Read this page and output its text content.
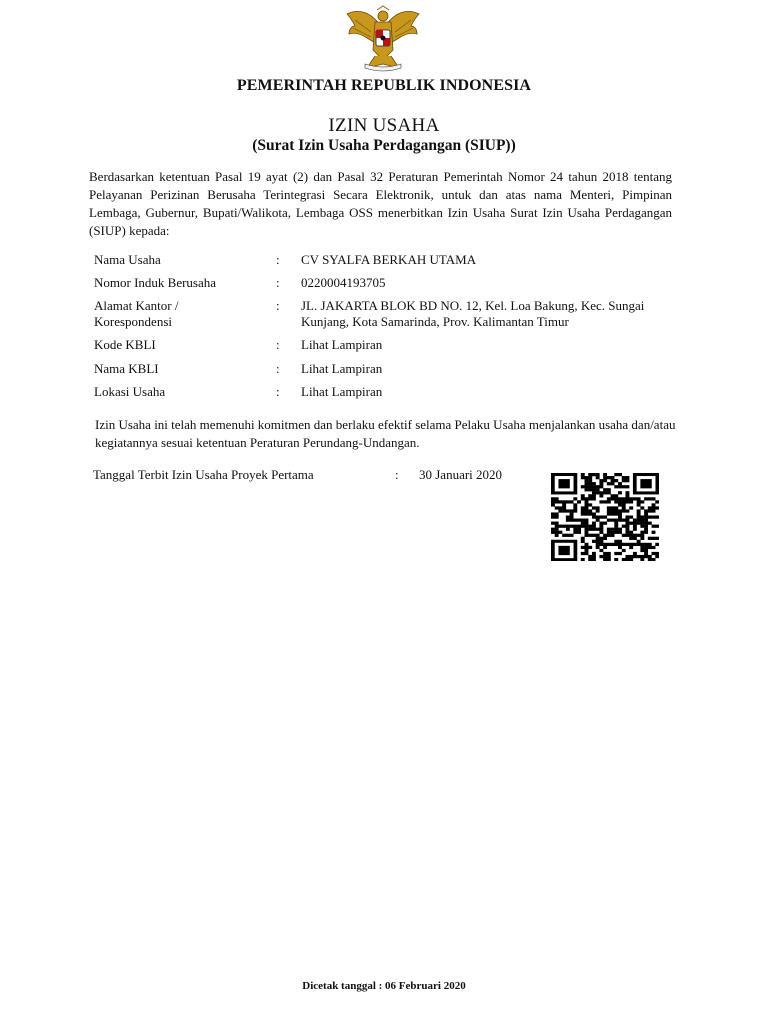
PEMERINTAH REPUBLIK INDONESIA
IZIN USAHA
(Surat Izin Usaha Perdagangan (SIUP))

Berdasarkan ketentuan Pasal 19 ayat (2) dan Pasal 32 Peraturan Pemerintah Nomor 24 tahun 2018 tentang Pelayanan Perizinan Berusaha Terintegrasi Secara Elektronik, untuk dan atas nama Menteri, Pimpinan Lembaga, Gubernur, Bupati/Walikota, Lembaga OSS menerbitkan Izin Usaha Surat Izin Usaha Perdagangan (SIUP) kepada:

Nama Usaha	: CV SYALFA BERKAH UTAMA
Nomor Induk Berusaha	: 0220004193705
Alamat Kantor / Korespondensi
: JL. JAKARTA BLOK BD NO. 12, Kel. Loa Bakung, Kec. Sungai Kunjang, Kota Samarinda, Prov. Kalimantan Timur
Kode KBLI	: Lihat Lampiran
Nama KBLI	: Lihat Lampiran
Lokasi Usaha	: Lihat Lampiran

Izin Usaha ini telah memenuhi komitmen dan berlaku efektif selama Pelaku Usaha menjalankan usaha dan/atau kegiatannya sesuai ketentuan Peraturan Perundang-Undangan.

Tanggal Terbit Izin Usaha Proyek Pertama	: 30 Januari 2020
Dicetak tanggal : 06 Februari 2020
